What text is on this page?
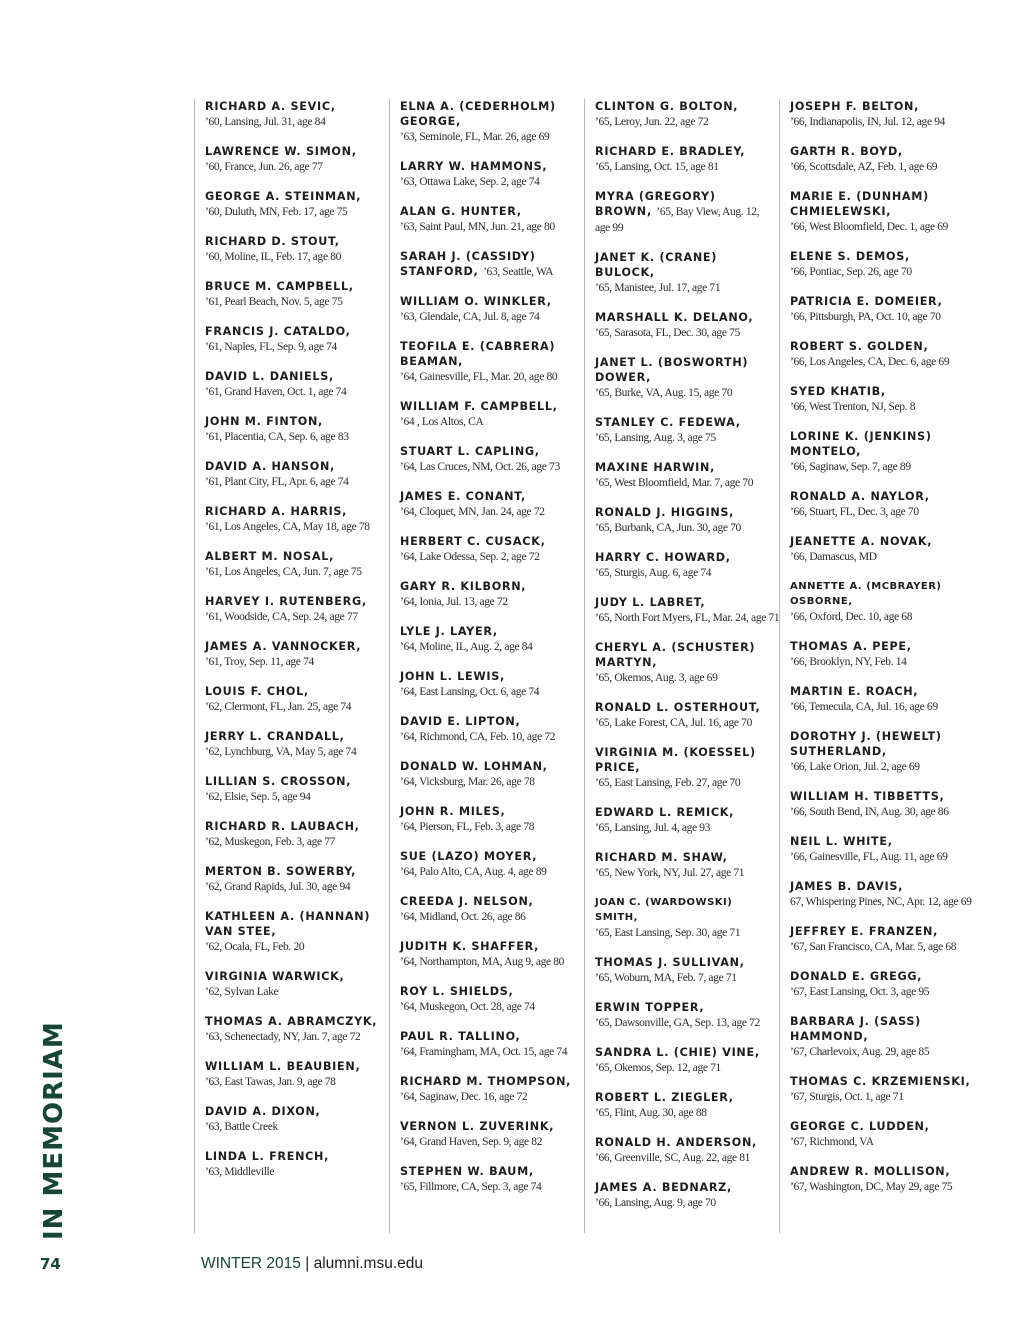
RICHARD A. SEVIC,
’60, Lansing, Jul. 31, age 84
LAWRENCE W. SIMON,
’60, France, Jun. 26, age 77
GEORGE A. STEINMAN,
’60, Duluth, MN, Feb. 17, age 75
RICHARD D. STOUT,
’60, Moline, IL, Feb. 17, age 80
BRUCE M. CAMPBELL,
’61, Pearl Beach, Nov. 5, age 75
FRANCIS J. CATALDO,
’61, Naples, FL, Sep. 9, age 74
DAVID L. DANIELS,
’61, Grand Haven, Oct. 1, age 74
JOHN M. FINTON,
’61, Placentia, CA, Sep. 6, age 83
DAVID A. HANSON,
’61, Plant City, FL, Apr. 6, age 74
RICHARD A. HARRIS,
’61, Los Angeles, CA, May 18, age 78
ALBERT M. NOSAL,
’61, Los Angeles, CA, Jun. 7, age 75
HARVEY I. RUTENBERG,
’61, Woodside, CA, Sep. 24, age 77
JAMES A. VANNOCKER,
’61, Troy, Sep. 11, age 74
LOUIS F. CHOL,
’62, Clermont, FL, Jan. 25, age 74
JERRY L. CRANDALL,
’62, Lynchburg, VA, May 5, age 74
LILLIAN S. CROSSON,
’62, Elsie, Sep. 5, age 94
RICHARD R. LAUBACH,
’62, Muskegon, Feb. 3, age 77
MERTON B. SOWERBY,
’62, Grand Rapids, Jul. 30, age 94
KATHLEEN A. (HANNAN) VAN STEE,
’62, Ocala, FL, Feb. 20
VIRGINIA WARWICK,
’62, Sylvan Lake
THOMAS A. ABRAMCZYK,
’63, Schenectady, NY, Jan. 7, age 72
WILLIAM L. BEAUBIEN,
’63, East Tawas, Jan. 9, age 78
DAVID A. DIXON,
’63, Battle Creek
LINDA L. FRENCH,
’63, Middleville
ELNA A. (CEDERHOLM) GEORGE,
’63, Seminole, FL, Mar. 26, age 69
LARRY W. HAMMONS,
’63, Ottawa Lake, Sep. 2, age 74
ALAN G. HUNTER,
’63, Saint Paul, MN, Jun. 21, age 80
SARAH J. (CASSIDY) STANFORD, ’63, Seattle, WA
WILLIAM O. WINKLER,
’63, Glendale, CA, Jul. 8, age 74
TEOFILA E. (CABRERA) BEAMAN,
’64, Gainesville, FL, Mar. 20, age 80
WILLIAM F. CAMPBELL,
’64 , Los Altos, CA
STUART L. CAPLING,
’64, Las Cruces, NM, Oct. 26, age 73
JAMES E. CONANT,
’64, Cloquet, MN, Jan. 24, age 72
HERBERT C. CUSACK,
’64, Lake Odessa, Sep. 2, age 72
GARY R. KILBORN,
’64, Ionia, Jul. 13, age 72
LYLE J. LAYER,
’64, Moline, IL, Aug. 2, age 84
JOHN L. LEWIS,
’64, East Lansing, Oct. 6, age 74
DAVID E. LIPTON,
’64, Richmond, CA, Feb. 10, age 72
DONALD W. LOHMAN,
’64, Vicksburg, Mar. 26, age 78
JOHN R. MILES,
’64, Pierson, FL, Feb. 3, age 78
SUE (LAZO) MOYER,
’64, Palo Alto, CA, Aug. 4, age 89
CREEDA J. NELSON,
’64, Midland, Oct. 26, age 86
JUDITH K. SHAFFER,
’64, Northampton, MA, Aug 9, age 80
ROY L. SHIELDS,
’64, Muskegon, Oct. 28, age 74
PAUL R. TALLINO,
’64, Framingham, MA, Oct. 15, age 74
RICHARD M. THOMPSON,
’64, Saginaw, Dec. 16, age 72
VERNON L. ZUVERINK,
’64, Grand Haven, Sep. 9, age 82
STEPHEN W. BAUM,
’65, Fillmore, CA, Sep. 3, age 74
CLINTON G. BOLTON,
’65, Leroy, Jun. 22, age 72
RICHARD E. BRADLEY,
’65, Lansing, Oct. 15, age 81
MYRA (GREGORY) BROWN, ’65, Bay View, Aug. 12, age 99
JANET K. (CRANE) BULOCK,
’65, Manistee, Jul. 17, age 71
MARSHALL K. DELANO,
’65, Sarasota, FL, Dec. 30, age 75
JANET L. (BOSWORTH) DOWER,
’65, Burke, VA, Aug. 15, age 70
STANLEY C. FEDEWA,
’65, Lansing, Aug. 3, age 75
MAXINE HARWIN,
’65, West Bloomfield, Mar. 7, age 70
RONALD J. HIGGINS,
’65, Burbank, CA, Jun. 30, age 70
HARRY C. HOWARD,
’65, Sturgis, Aug. 6, age 74
JUDY L. LABRET,
’65, North Fort Myers, FL, Mar. 24, age 71
CHERYL A. (SCHUSTER) MARTYN,
’65, Okemos, Aug. 3, age 69
RONALD L. OSTERHOUT,
’65, Lake Forest, CA, Jul. 16, age 70
VIRGINIA M. (KOESSEL) PRICE,
’65, East Lansing, Feb. 27, age 70
EDWARD L. REMICK,
’65, Lansing, Jul. 4, age 93
RICHARD M. SHAW,
’65, New York, NY, Jul. 27, age 71
JOAN C. (WARDOWSKI) SMITH,
’65, East Lansing, Sep. 30, age 71
THOMAS J. SULLIVAN,
’65, Woburn, MA, Feb. 7, age 71
ERWIN TOPPER,
’65, Dawsonville, GA, Sep. 13, age 72
SANDRA L. (CHIE) VINE,
’65, Okemos, Sep. 12, age 71
ROBERT L. ZIEGLER,
’65, Flint, Aug. 30, age 88
RONALD H. ANDERSON,
’66, Greenville, SC, Aug. 22, age 81
JAMES A. BEDNARZ,
’66, Lansing, Aug. 9, age 70
JOSEPH F. BELTON,
’66, Indianapolis, IN, Jul. 12, age 94
GARTH R. BOYD,
’66, Scottsdale, AZ, Feb. 1, age 69
MARIE E. (DUNHAM) CHMIELEWSKI,
’66, West Bloomfield, Dec. 1, age 69
ELENE S. DEMOS,
’66, Pontiac, Sep. 26, age 70
PATRICIA E. DOMEIER,
’66, Pittsburgh, PA, Oct. 10, age 70
ROBERT S. GOLDEN,
’66, Los Angeles, CA, Dec. 6, age 69
SYED KHATIB,
’66, West Trenton, NJ, Sep. 8
LORINE K. (JENKINS) MONTELO,
’66, Saginaw, Sep. 7, age 89
RONALD A. NAYLOR,
’66, Stuart, FL, Dec. 3, age 70
JEANETTE A. NOVAK,
’66, Damascus, MD
ANNETTE A. (MCBRAYER) OSBORNE,
’66, Oxford, Dec. 10, age 68
THOMAS A. PEPE,
’66, Brooklyn, NY, Feb. 14
MARTIN E. ROACH,
’66, Temecula, CA, Jul. 16, age 69
DOROTHY J. (HEWELT) SUTHERLAND,
’66, Lake Orion, Jul. 2, age 69
WILLIAM H. TIBBETTS,
’66, South Bend, IN, Aug. 30, age 86
NEIL L. WHITE,
’66, Gainesville, FL, Aug. 11, age 69
JAMES B. DAVIS,
67, Whispering Pines, NC, Apr. 12, age 69
JEFFREY E. FRANZEN,
’67, San Francisco, CA, Mar. 5, age 68
DONALD E. GREGG,
’67, East Lansing, Oct. 3, age 95
BARBARA J. (SASS) HAMMOND,
’67, Charlevoix, Aug. 29, age 85
THOMAS C. KRZEMIENSKI,
’67, Sturgis, Oct. 1, age 71
GEORGE C. LUDDEN,
’67, Richmond, VA
ANDREW R. MOLLISON,
’67, Washington, DC, May 29, age 75
IN MEMORIAM
74	WINTER 2015 | alumni.msu.edu
